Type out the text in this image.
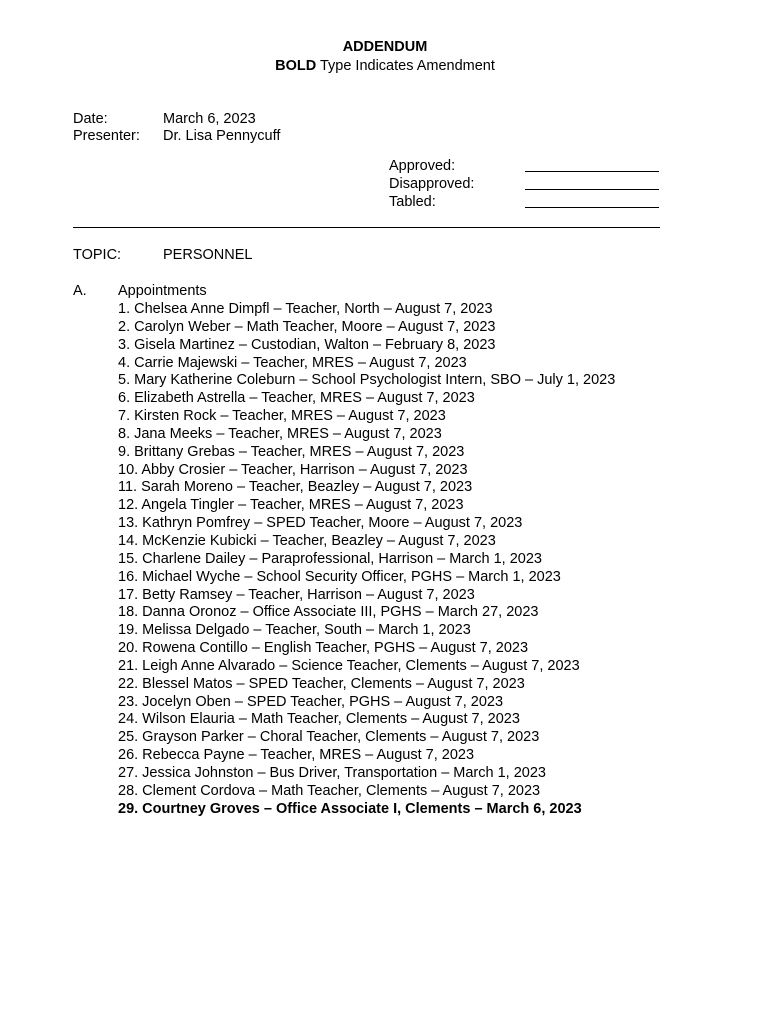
ADDENDUM
BOLD Type Indicates Amendment
Date:	March 6, 2023
Presenter: Dr. Lisa Pennycuff
Approved:
Disapproved:
Tabled:
TOPIC:	PERSONNEL
A. Appointments
1. Chelsea Anne Dimpfl – Teacher, North – August 7, 2023
2. Carolyn Weber – Math Teacher, Moore – August 7, 2023
3. Gisela Martinez – Custodian, Walton – February 8, 2023
4. Carrie Majewski – Teacher, MRES – August 7, 2023
5. Mary Katherine Coleburn – School Psychologist Intern, SBO – July 1, 2023
6. Elizabeth Astrella – Teacher, MRES – August 7, 2023
7. Kirsten Rock – Teacher, MRES – August 7, 2023
8. Jana Meeks – Teacher, MRES – August 7, 2023
9. Brittany Grebas – Teacher, MRES – August 7, 2023
10. Abby Crosier – Teacher, Harrison – August 7, 2023
11. Sarah Moreno – Teacher, Beazley – August 7, 2023
12. Angela Tingler – Teacher, MRES – August 7, 2023
13. Kathryn Pomfrey – SPED Teacher, Moore – August 7, 2023
14. McKenzie Kubicki – Teacher, Beazley – August 7, 2023
15. Charlene Dailey – Paraprofessional, Harrison – March 1, 2023
16. Michael Wyche – School Security Officer, PGHS – March 1, 2023
17. Betty Ramsey – Teacher, Harrison – August 7, 2023
18. Danna Oronoz – Office Associate III, PGHS – March 27, 2023
19. Melissa Delgado – Teacher, South – March 1, 2023
20. Rowena Contillo – English Teacher, PGHS – August 7, 2023
21. Leigh Anne Alvarado – Science Teacher, Clements – August 7, 2023
22. Blessel Matos – SPED Teacher, Clements – August 7, 2023
23. Jocelyn Oben – SPED Teacher, PGHS – August 7, 2023
24. Wilson Elauria – Math Teacher, Clements – August 7, 2023
25. Grayson Parker – Choral Teacher, Clements – August 7, 2023
26. Rebecca Payne – Teacher, MRES – August 7, 2023
27. Jessica Johnston – Bus Driver, Transportation – March 1, 2023
28. Clement Cordova – Math Teacher, Clements – August 7, 2023
29. Courtney Groves – Office Associate I, Clements – March 6, 2023
